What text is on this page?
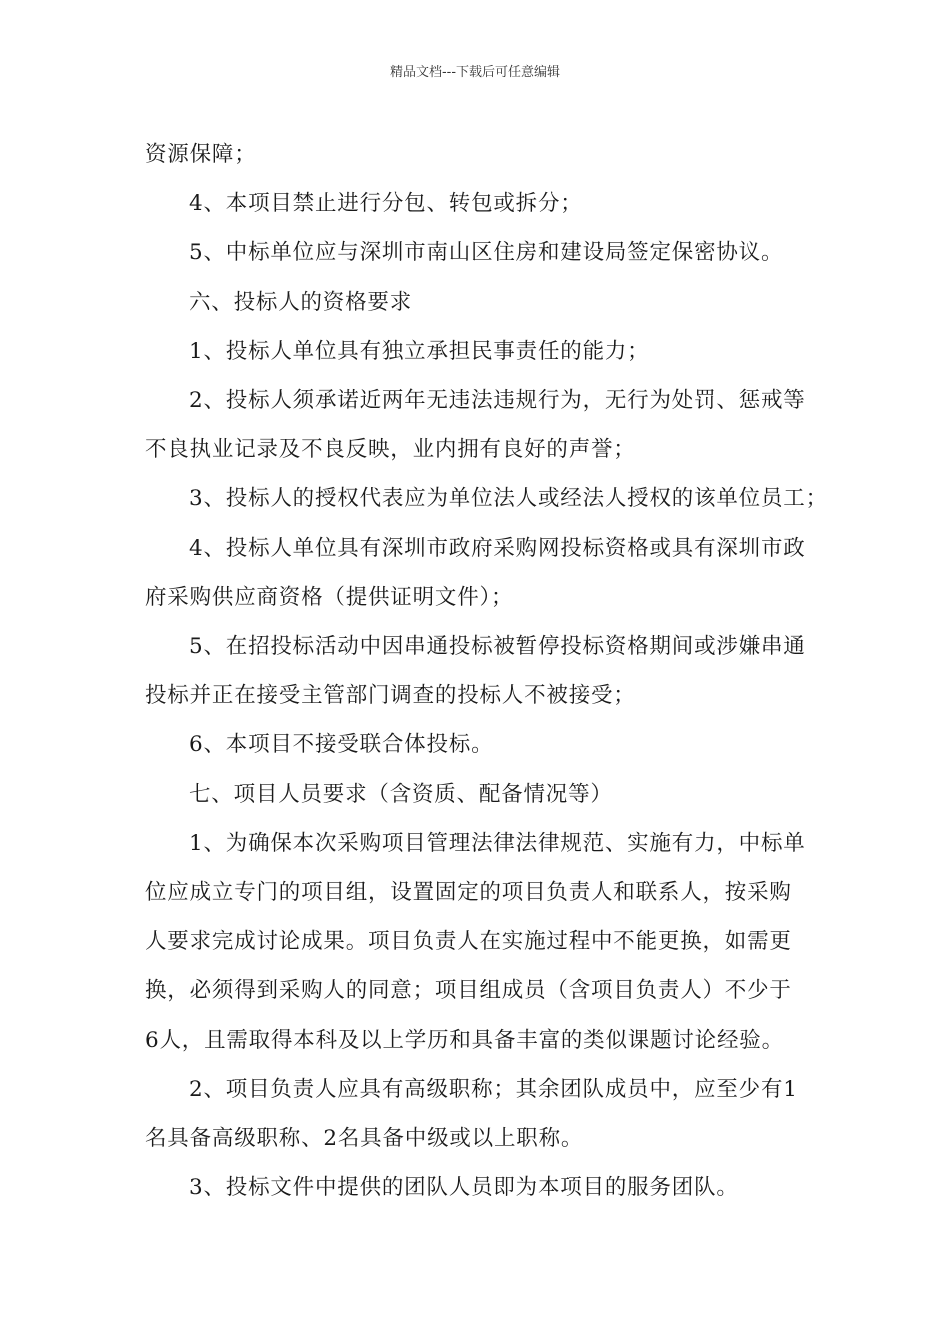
精品文档---下载后可任意编辑

资源保障；

4、本项目禁止进行分包、转包或拆分；

5、中标单位应与深圳市南山区住房和建设局签定保密协议。

六、投标人的资格要求

1、投标人单位具有独立承担民事责任的能力；

2、投标人须承诺近两年无违法违规行为，无行为处罚、惩戒等

不良执业记录及不良反映，业内拥有良好的声誉；

3、投标人的授权代表应为单位法人或经法人授权的该单位员工；

4、投标人单位具有深圳市政府采购网投标资格或具有深圳市政

府采购供应商资格（提供证明文件）；

5、在招投标活动中因串通投标被暂停投标资格期间或涉嫌串通

投标并正在接受主管部门调查的投标人不被接受；

6、本项目不接受联合体投标。

七、项目人员要求（含资质、配备情况等）

1、为确保本次采购项目管理法律法律规范、实施有力，中标单

位应成立专门的项目组，设置固定的项目负责人和联系人，按采购

人要求完成讨论成果。项目负责人在实施过程中不能更换，如需更

换，必须得到采购人的同意；项目组成员（含项目负责人）不少于

6人，且需取得本科及以上学历和具备丰富的类似课题讨论经验。

2、项目负责人应具有高级职称；其余团队成员中，应至少有1

名具备高级职称、2名具备中级或以上职称。

3、投标文件中提供的团队人员即为本项目的服务团队。
